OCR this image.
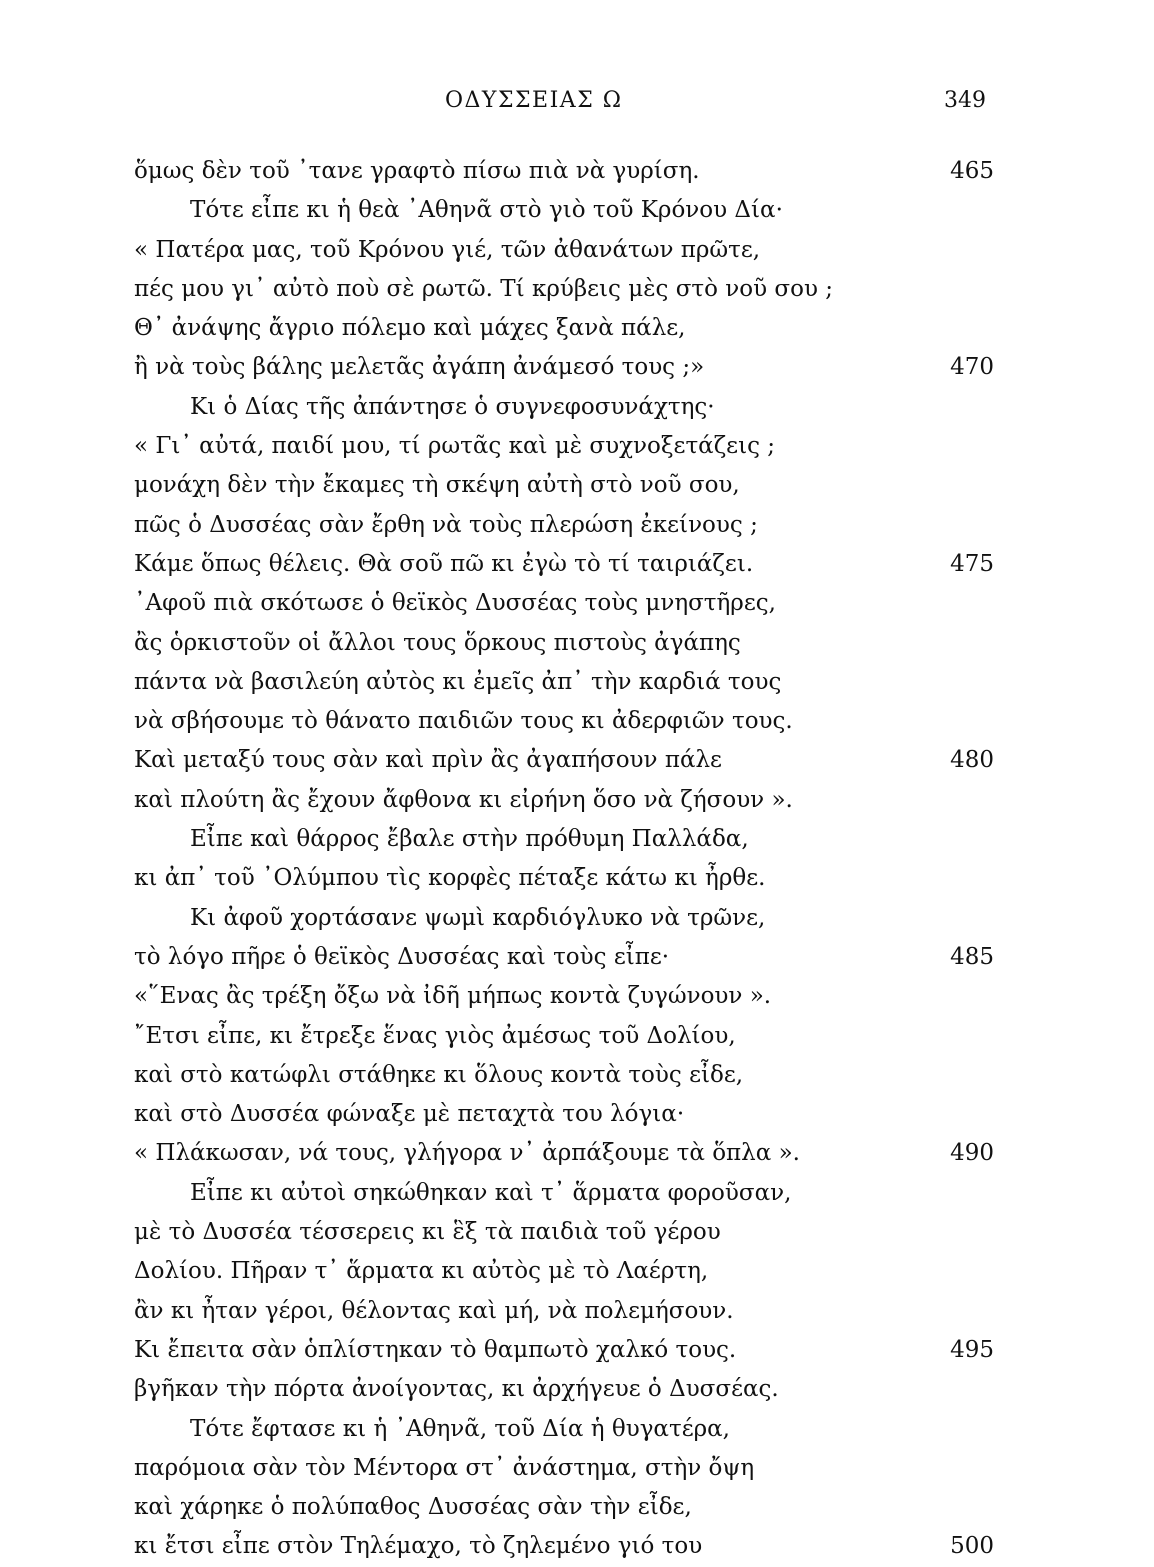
ΟΔΥΣΣΕΙΑΣ Ω	349
ὅμως δὲν τοῦ ᾿τανε γραφτὸ πίσω πιὰ νὰ γυρίση.	465
Τότε εἶπε κι ἡ θεὰ ᾿Αθηνᾶ στὸ γιὸ τοῦ Κρόνου Δία·
« Πατέρα μας, τοῦ Κρόνου γιέ, τῶν ἀθανάτων πρῶτε,
πές μου γι᾿ αὐτὸ ποὺ σὲ ρωτῶ. Τί κρύβεις μὲς στὸ νοῦ σου ;
Θ᾿ ἀνάψης ἄγριο πόλεμο καὶ μάχες ξανὰ πάλε,
ἢ νὰ τοὺς βάλης μελετᾶς ἀγάπη ἀνάμεσό τους ;»	470
Κι ὁ Δίας τῆς ἀπάντησε ὁ συγνεφοσυνάχτης·
« Γι᾿ αὐτά, παιδί μου, τί ρωτᾶς καὶ μὲ συχνοξετάζεις ;
μονάχη δὲν τὴν ἔκαμες τὴ σκέψη αὐτὴ στὸ νοῦ σου,
πῶς ὁ Δυσσέας σὰν ἔρθη νὰ τοὺς πλερώση ἐκείνους ;
Κάμε ὅπως θέλεις. Θὰ σοῦ πῶ κι ἐγὼ τὸ τί ταιριάζει.	475
᾿Αφοῦ πιὰ σκότωσε ὁ θεϊκὸς Δυσσέας τοὺς μνηστῆρες,
ἂς ὁρκιστοῦν οἱ ἄλλοι τους ὅρκους πιστοὺς ἀγάπης
πάντα νὰ βασιλεύη αὐτὸς κι ἐμεῖς ἀπ᾿ τὴν καρδιά τους
νὰ σβήσουμε τὸ θάνατο παιδιῶν τους κι ἀδερφιῶν τους.
Καὶ μεταξύ τους σὰν καὶ πρὶν ἂς ἀγαπήσουν πάλε	480
καὶ πλούτη ἂς ἔχουν ἄφθονα κι εἰρήνη ὅσο νὰ ζήσουν ».
Εἶπε καὶ θάρρος ἔβαλε στὴν πρόθυμη Παλλάδα,
κι ἀπ᾿ τοῦ ᾿Ολύμπου τὶς κορφὲς πέταξε κάτω κι ἦρθε.
Κι ἀφοῦ χορτάσανε ψωμὶ καρδιόγλυκο νὰ τρῶνε,
τὸ λόγο πῆρε ὁ θεϊκὸς Δυσσέας καὶ τοὺς εἶπε·	485
«῞Ενας ἂς τρέξη ὄξω νὰ ἰδῆ μήπως κοντὰ ζυγώνουν ».
῎Ετσι εἶπε, κι ἔτρεξε ἕνας γιὸς ἀμέσως τοῦ Δολίου,
καὶ στὸ κατώφλι στάθηκε κι ὅλους κοντὰ τοὺς εἶδε,
καὶ στὸ Δυσσέα φώναξε μὲ πεταχτὰ του λόγια·
« Πλάκωσαν, νά τους, γλήγορα ν᾿ ἀρπάξουμε τὰ ὅπλα ».	490
Εἶπε κι αὐτοὶ σηκώθηκαν καὶ τ᾿ ἅρματα φοροῦσαν,
μὲ τὸ Δυσσέα τέσσερεις κι ἓξ τὰ παιδιὰ τοῦ γέρου
Δολίου. Πῆραν τ᾿ ἅρματα κι αὐτὸς μὲ τὸ Λαέρτη,
ἂν κι ἦταν γέροι, θέλοντας καὶ μή, νὰ πολεμήσουν.
Κι ἔπειτα σὰν ὁπλίστηκαν τὸ θαμπωτὸ χαλκό τους.	495
βγῆκαν τὴν πόρτα ἀνοίγοντας, κι ἀρχήγευε ὁ Δυσσέας.
Τότε ἔφτασε κι ἡ ᾿Αθηνᾶ, τοῦ Δία ἡ θυγατέρα,
παρόμοια σὰν τὸν Μέντορα στ᾿ ἀνάστημα, στὴν ὄψη
καὶ χάρηκε ὁ πολύπαθος Δυσσέας σὰν τὴν εἶδε,
κι ἔτσι εἶπε στὸν Τηλέμαχο, τὸ ζηλεμένο γιό του	500
